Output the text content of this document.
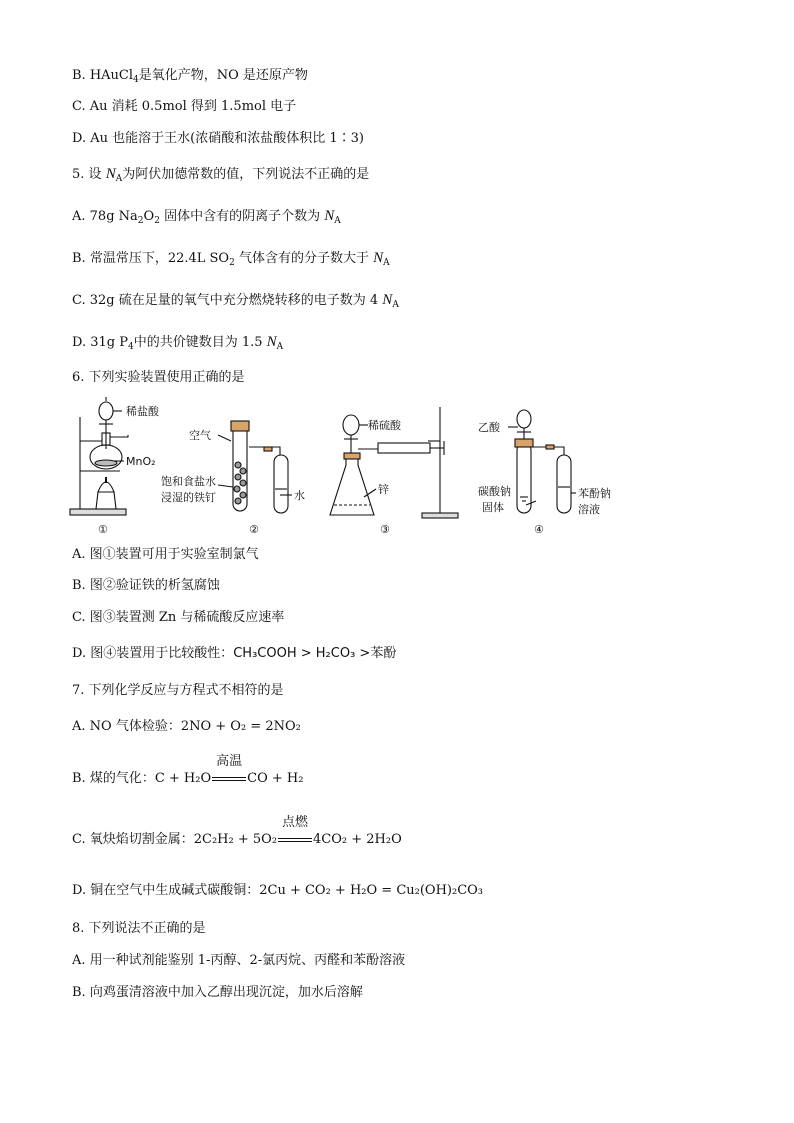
B. HAuCl$_4$是氧化产物，NO 是还原产物
C. Au 消耗 0.5mol 得到 1.5mol 电子
D. Au 也能溶于王水(浓硝酸和浓盐酸体积比 1∶3)
5. 设 $N_A$为阿伏加德常数的值，下列说法不正确的是
A. 78g $Na_2O_2$ 固体中含有的阴离子个数为 $N_A$
B. 常温常压下，22.4L $SO_2$ 气体含有的分子数大于 $N_A$
C. 32g 硫在足量的氧气中充分燃烧转移的电子数为 4 $N_A$
D. 31g $P_4$中的共价键数目为 1.5 $N_A$
6. 下列实验装置使用正确的是
稀盐酸
MnO₂
①
空气
饱和食盐水
浸湿的铁钉	水
②
稀硫酸
锌
③
乙酸
碳酸钠
固体
苯酚钠
溶液
④
A. 图①装置可用于实验室制氯气
B. 图②验证铁的析氢腐蚀
C. 图③装置测 Zn 与稀硫酸反应速率
D. 图④装置用于比较酸性：CH₃COOH > H₂CO₃ >苯酚
7. 下列化学反应与方程式不相符的是
A. NO 气体检验：2NO + O₂ = 2NO₂
B. 煤的气化：C + H₂O
高温
CO + H₂
C. 氧炔焰切割金属：2C₂H₂ + 5O₂
点燃
4CO₂ + 2H₂O
D. 铜在空气中生成碱式碳酸铜：2Cu + CO₂ + H₂O = Cu₂(OH)₂CO₃
8. 下列说法不正确的是
A. 用一种试剂能鉴别 1-丙醇、2-氯丙烷、丙醛和苯酚溶液
B. 向鸡蛋清溶液中加入乙醇出现沉淀，加水后溶解
